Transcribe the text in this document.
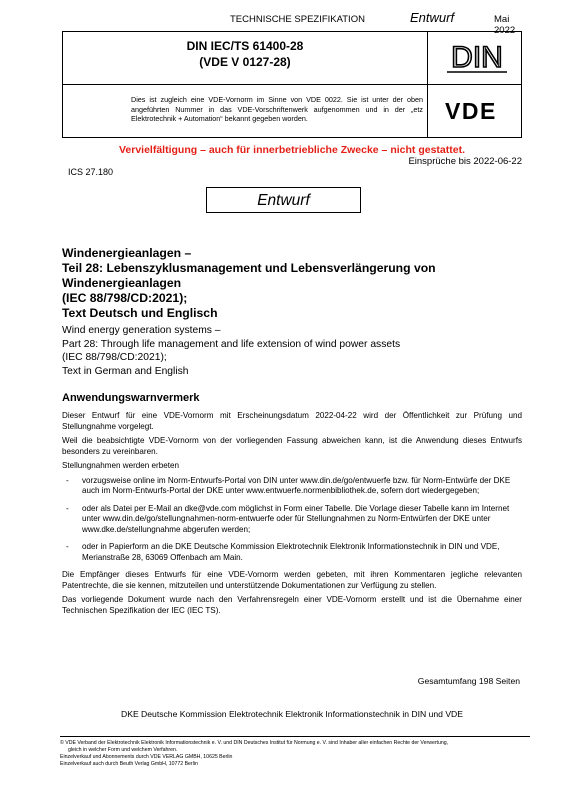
TECHNISCHE SPEZIFIKATION	Entwurf	Mai 2022
DIN IEC/TS 61400-28
(VDE V 0127-28)
Dies ist zugleich eine VDE-Vornorm im Sinne von VDE 0022. Sie ist unter der oben angeführten Nummer in das VDE-Vorschriftenwerk aufgenommen und in der „etz Elektrotechnik + Automation“ bekannt gegeben worden.
DIN
VDE
Vervielfältigung – auch für innerbetriebliche Zwecke – nicht gestattet.
Einsprüche bis 2022-06-22
ICS 27.180
Entwurf
Windenergieanlagen –
Teil 28: Lebenszyklusmanagement und Lebensverlängerung von
Windenergieanlagen
(IEC 88/798/CD:2021);
Text Deutsch und Englisch
Wind energy generation systems –
Part 28: Through life management and life extension of wind power assets
(IEC 88/798/CD:2021);
Text in German and English
Anwendungswarnvermerk

Dieser Entwurf für eine VDE-Vornorm mit Erscheinungsdatum 2022-04-22 wird der Öffentlichkeit zur Prüfung und Stellungnahme vorgelegt.

Weil die beabsichtigte VDE-Vornorm von der vorliegenden Fassung abweichen kann, ist die Anwendung dieses Entwurfs besonders zu vereinbaren.

Stellungnahmen werden erbeten

-	vorzugsweise online im Norm-Entwurfs-Portal von DIN unter www.din.de/go/entwuerfe bzw. für Norm-Entwürfe der DKE auch im Norm-Entwurfs-Portal der DKE unter www.entwuerfe.normenbibliothek.de, sofern dort wiedergegeben;
-	oder als Datei per E-Mail an dke@vde.com möglichst in Form einer Tabelle. Die Vorlage dieser Tabelle kann im Internet unter www.din.de/go/stellungnahmen-norm-entwuerfe oder für Stellungnahmen zu Norm-Entwürfen der DKE unter www.dke.de/stellungnahme abgerufen werden;
-	oder in Papierform an die DKE Deutsche Kommission Elektrotechnik Elektronik Informationstechnik in DIN und VDE, Merianstraße 28, 63069 Offenbach am Main.

Die Empfänger dieses Entwurfs für eine VDE-Vornorm werden gebeten, mit ihren Kommentaren jegliche relevanten Patentrechte, die sie kennen, mitzuteilen und unterstützende Dokumentationen zur Verfügung zu stellen.

Das vorliegende Dokument wurde nach den Verfahrensregeln einer VDE-Vornorm erstellt und ist die Übernahme einer Technischen Spezifikation der IEC (IEC TS).

Gesamtumfang 198 Seiten
DKE Deutsche Kommission Elektrotechnik Elektronik Informationstechnik in DIN und VDE
© VDE Verband der Elektrotechnik Elektronik Informationstechnik e. V. und DIN Deutsches Institut für Normung e. V. sind Inhaber aller einfachen Rechte der Verwertung,
gleich in welcher Form und welchem Verfahren.
Einzelverkauf und Abonnements durch VDE VERLAG GMBH, 10625 Berlin
Einzelverkauf auch durch Beuth Verlag GmbH, 10772 Berlin
